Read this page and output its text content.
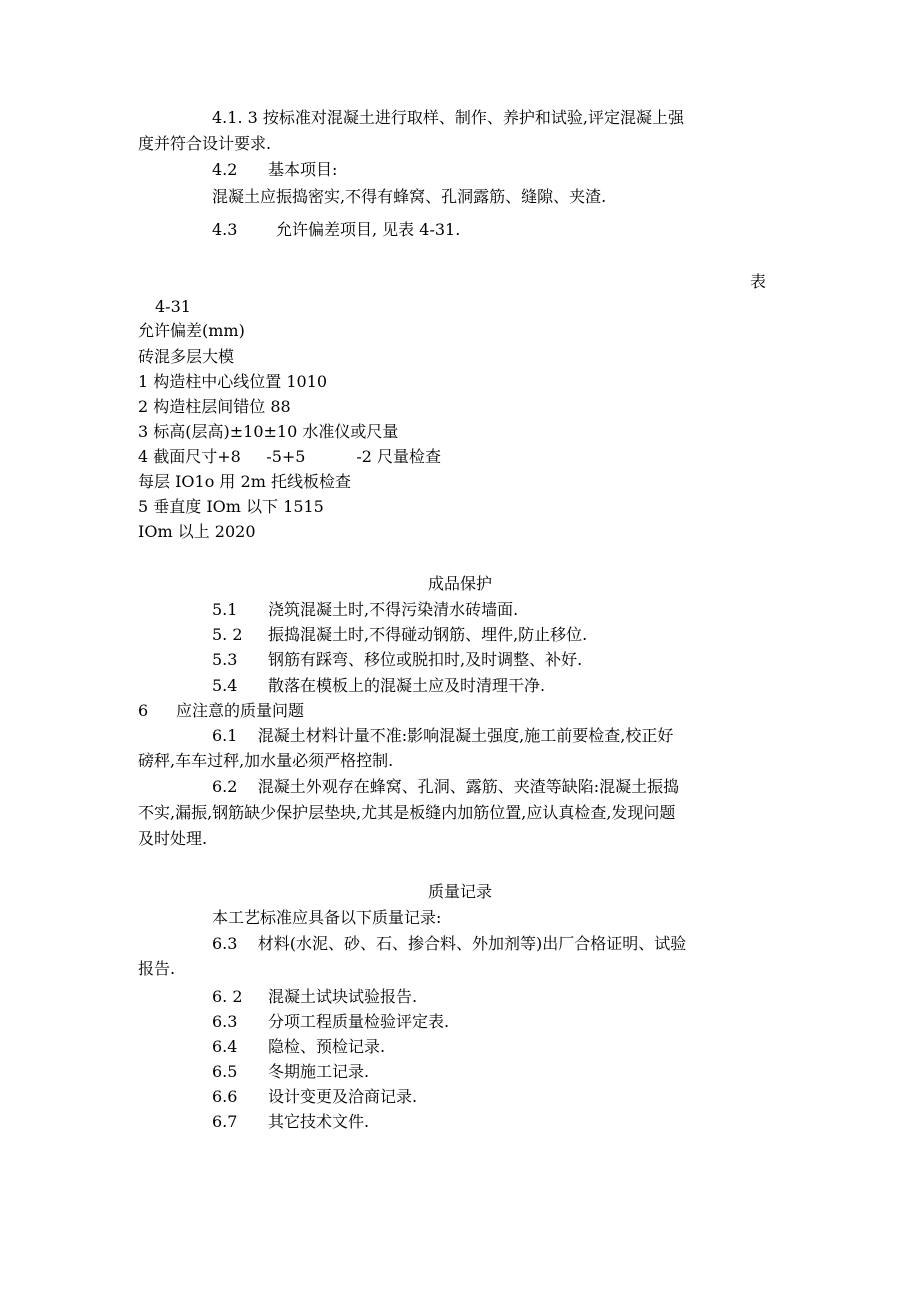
4.1. 3 按标准对混凝土进行取样、制作、养护和试验,评定混凝上强
度并符合设计要求.
4.2 基本项目:
混凝土应振捣密实,不得有蜂窝、孔洞露筋、缝隙、夹渣.
4.3 允许偏差项目, 见表 4-31.
表
4-31
允许偏差(mm)
砖混多层大模
1 构造柱中心线位置 1010
2 构造柱层间错位 88
3 标高(层高)±10±10 水准仪或尺量
4 截面尺寸+8     -5+5          -2 尺量检查
每层 IO1o 用 2m 托线板检查
5 垂直度 IOm 以下 1515
IOm 以上 2020
成品保护
5.1 浇筑混凝土时,不得污染清水砖墙面.
5. 2 振捣混凝土时,不得碰动钢筋、埋件,防止移位.
5.3 钢筋有踩弯、移位或脱扣时,及时调整、补好.
5.4 散落在模板上的混凝土应及时清理干净.
6 应注意的质量问题
6.1    混凝土材料计量不准:影响混凝土强度,施工前要检查,校正好
磅秤,车车过秤,加水量必须严格控制.
6.2    混凝土外观存在蜂窝、孔洞、露筋、夹渣等缺陷:混凝土振捣
不实,漏振,钢筋缺少保护层垫块,尤其是板缝内加筋位置,应认真检查,发现问题
及时处理.
质量记录
本工艺标准应具备以下质量记录:
6.3    材料(水泥、砂、石、掺合料、外加剂等)出厂合格证明、试验
报告.
6. 2 混凝土试块试验报告.
6.3 分项工程质量检验评定表.
6.4 隐检、预检记录.
6.5 冬期施工记录.
6.6 设计变更及洽商记录.
6.7 其它技术文件.
